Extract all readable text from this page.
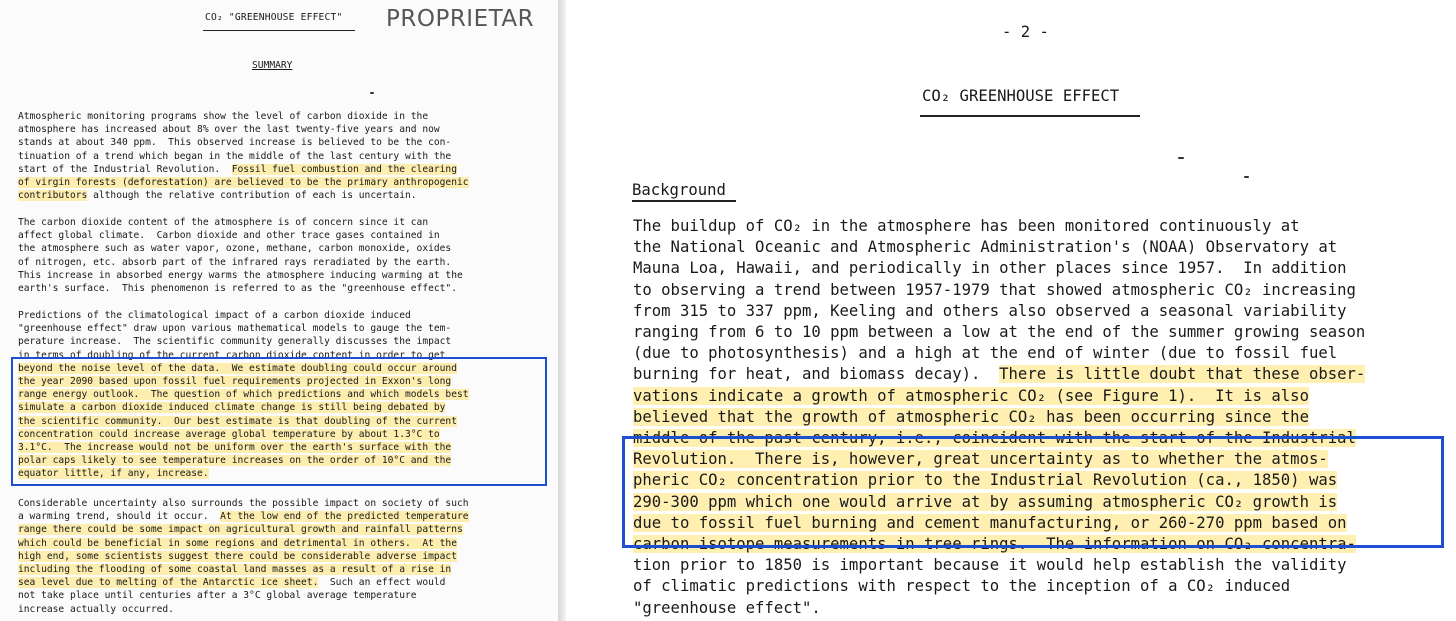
CO₂ "GREENHOUSE EFFECT" PROPRIETAR
SUMMARY

Atmospheric monitoring programs show the level of carbon dioxide in the
atmosphere has increased about 8% over the last twenty-five years and now
stands at about 340 ppm.  This observed increase is believed to be the con-
tinuation of a trend which began in the middle of the last century with the
start of the Industrial Revolution.  Fossil fuel combustion and the clearing
of virgin forests (deforestation) are believed to be the primary anthropogenic
contributors although the relative contribution of each is uncertain.

The carbon dioxide content of the atmosphere is of concern since it can
affect global climate.  Carbon dioxide and other trace gases contained in
the atmosphere such as water vapor, ozone, methane, carbon monoxide, oxides
of nitrogen, etc. absorb part of the infrared rays reradiated by the earth.
This increase in absorbed energy warms the atmosphere inducing warming at the
earth's surface.  This phenomenon is referred to as the "greenhouse effect".

Predictions of the climatological impact of a carbon dioxide induced
"greenhouse effect" draw upon various mathematical models to gauge the tem-
perature increase.  The scientific community generally discusses the impact
in terms of doubling of the current carbon dioxide content in order to get
beyond the noise level of the data.  We estimate doubling could occur around
the year 2090 based upon fossil fuel requirements projected in Exxon's long
range energy outlook.  The question of which predictions and which models best
simulate a carbon dioxide induced climate change is still being debated by
the scientific community.  Our best estimate is that doubling of the current
concentration could increase average global temperature by about 1.3°C to
3.1°C.  The increase would not be uniform over the earth's surface with the
polar caps likely to see temperature increases on the order of 10°C and the
equator little, if any, increase.

Considerable uncertainty also surrounds the possible impact on society of such
a warming trend, should it occur.  At the low end of the predicted temperature
range there could be some impact on agricultural growth and rainfall patterns
which could be beneficial in some regions and detrimental in others.  At the
high end, some scientists suggest there could be considerable adverse impact
including the flooding of some coastal land masses as a result of a rise in
sea level due to melting of the Antarctic ice sheet.  Such an effect would
not take place until centuries after a 3°C global average temperature
increase actually occurred.

- 2 -
CO₂ GREENHOUSE EFFECT
Background

The buildup of CO₂ in the atmosphere has been monitored continuously at
the National Oceanic and Atmospheric Administration's (NOAA) Observatory at
Mauna Loa, Hawaii, and periodically in other places since 1957.  In addition
to observing a trend between 1957-1979 that showed atmospheric CO₂ increasing
from 315 to 337 ppm, Keeling and others also observed a seasonal variability
ranging from 6 to 10 ppm between a low at the end of the summer growing season
(due to photosynthesis) and a high at the end of winter (due to fossil fuel
burning for heat, and biomass decay).  There is little doubt that these obser-
vations indicate a growth of atmospheric CO₂ (see Figure 1).  It is also
believed that the growth of atmospheric CO₂ has been occurring since the
middle of the past century, i.e., coincident with the start of the Industrial
Revolution.  There is, however, great uncertainty as to whether the atmos-
pheric CO₂ concentration prior to the Industrial Revolution (ca., 1850) was
290-300 ppm which one would arrive at by assuming atmospheric CO₂ growth is
due to fossil fuel burning and cement manufacturing, or 260-270 ppm based on
carbon isotope measurements in tree rings.  The information on CO₂ concentra-
tion prior to 1850 is important because it would help establish the validity
of climatic predictions with respect to the inception of a CO₂ induced
"greenhouse effect".
